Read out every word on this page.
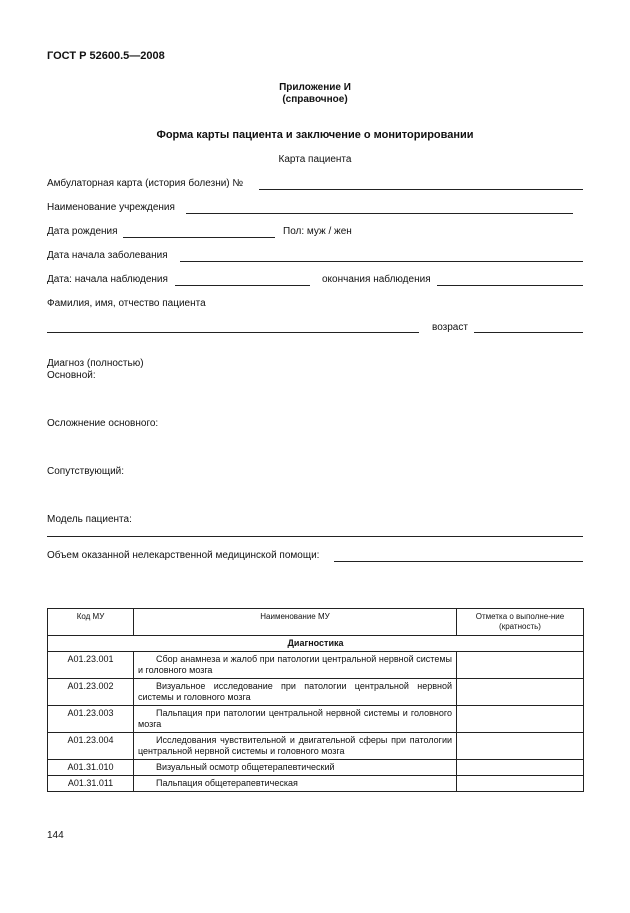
ГОСТ Р 52600.5—2008
Приложение И
(справочное)
Форма карты пациента и заключение о мониторировании
Карта пациента
Амбулаторная карта (история болезни) №
Наименование учреждения
Дата рождения	Пол: муж / жен
Дата начала заболевания
Дата: начала наблюдения	окончания наблюдения
Фамилия, имя, отчество пациента
возраст
Диагноз (полностью)
Основной:
Осложнение основного:
Сопутствующий:
Модель пациента:
Объем оказанной нелекарственной медицинской помощи:
Код МУ	Наименование МУ	Отметка о выполне-ние (кратность)
Диагностика		
A01.23.001	Сбор анамнеза и жалоб при патологии центральной нервной системы и головного мозга	
A01.23.002	Визуальное исследование при патологии центральной нервной системы и головного мозга	
A01.23.003	Пальпация при патологии центральной нервной системы и головного мозга	
A01.23.004	Исследования чувствительной и двигательной сферы при патологии центральной нервной системы и головного мозга	
A01.31.010	Визуальный осмотр общетерапевтический	
A01.31.011	Пальпация общетерапевтическая	
144
